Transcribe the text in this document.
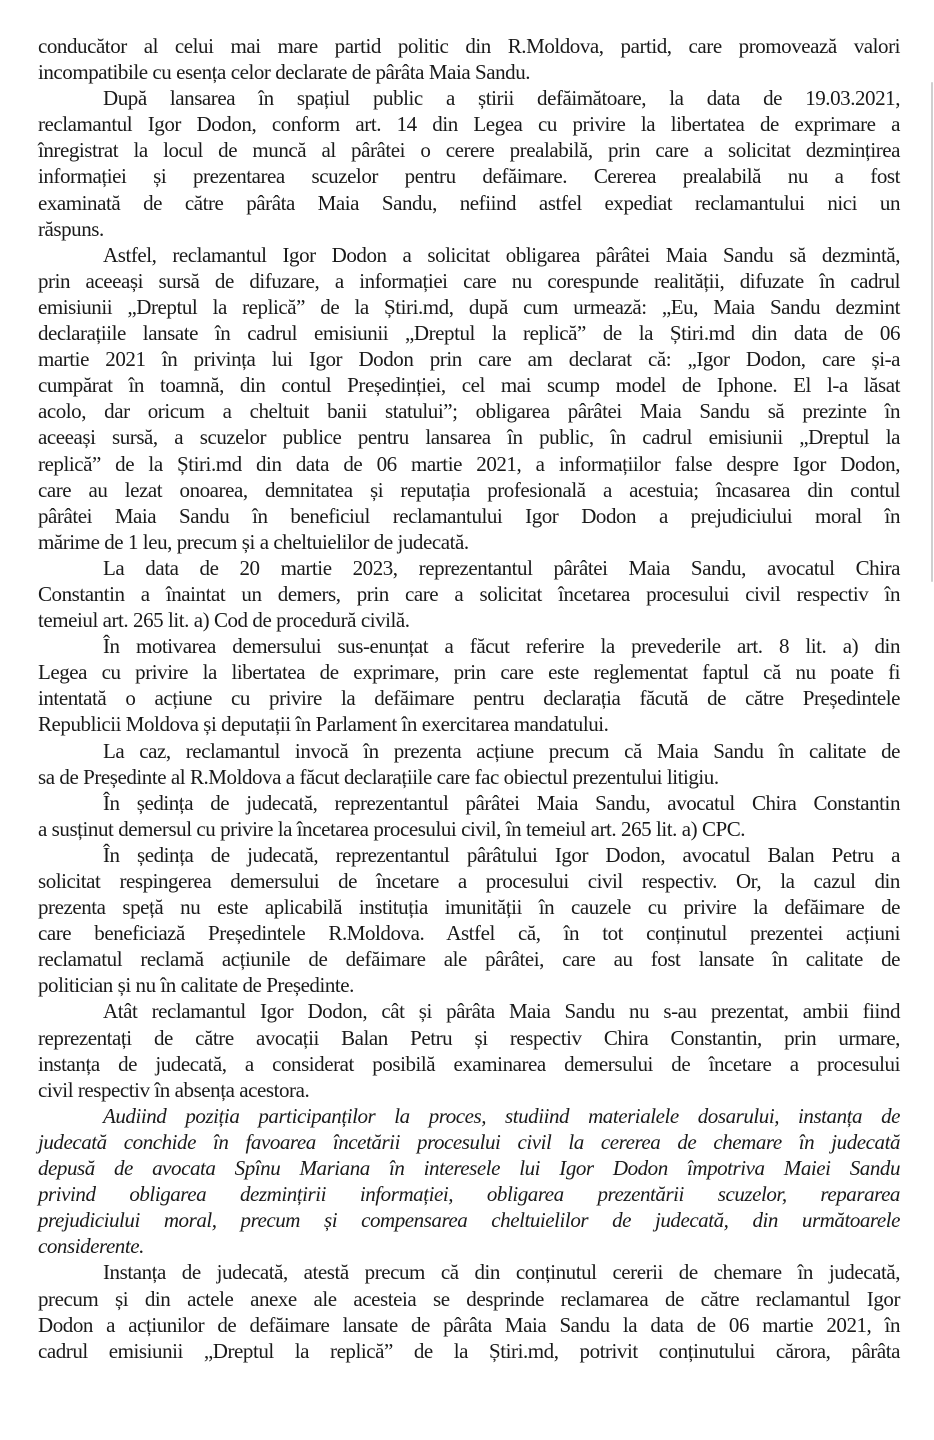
conducător al celui mai mare partid politic din R.Moldova, partid, care promovează valori
incompatibile cu esența celor declarate de pârâta Maia Sandu.
După lansarea în spațiul public a știrii defăimătoare, la data de 19.03.2021,
reclamantul Igor Dodon, conform art. 14 din Legea cu privire la libertatea de exprimare a
înregistrat la locul de muncă al pârâtei o cerere prealabilă, prin care a solicitat dezmințirea
informației și prezentarea scuzelor pentru defăimare. Cererea prealabilă nu a fost
examinată de către pârâta Maia Sandu, nefiind astfel expediat reclamantului nici un
răspuns.
Astfel, reclamantul Igor Dodon a solicitat obligarea pârâtei Maia Sandu să dezmintă,
prin aceeași sursă de difuzare, a informației care nu corespunde realității, difuzate în cadrul
emisiunii „Dreptul la replică” de la Știri.md, după cum urmează: „Eu, Maia Sandu dezmint
declarațiile lansate în cadrul emisiunii „Dreptul la replică” de la Știri.md din data de 06
martie 2021 în privința lui Igor Dodon prin care am declarat că: „Igor Dodon, care și-a
cumpărat în toamnă, din contul Președinției, cel mai scump model de Iphone. El l-a lăsat
acolo, dar oricum a cheltuit banii statului”; obligarea pârâtei Maia Sandu să prezinte în
aceeași sursă, a scuzelor publice pentru lansarea în public, în cadrul emisiunii „Dreptul la
replică” de la Știri.md din data de 06 martie 2021, a informațiilor false despre Igor Dodon,
care au lezat onoarea, demnitatea și reputația profesională a acestuia; încasarea din contul
pârâtei Maia Sandu în beneficiul reclamantului Igor Dodon a prejudiciului moral în
mărime de 1 leu, precum și a cheltuielilor de judecată.
La data de 20 martie 2023, reprezentantul pârâtei Maia Sandu, avocatul Chira
Constantin a înaintat un demers, prin care a solicitat încetarea procesului civil respectiv în
temeiul art. 265 lit. a) Cod de procedură civilă.
În motivarea demersului sus-enunțat a făcut referire la prevederile art. 8 lit. a) din
Legea cu privire la libertatea de exprimare, prin care este reglementat faptul că nu poate fi
intentată o acțiune cu privire la defăimare pentru declarația făcută de către Președintele
Republicii Moldova și deputații în Parlament în exercitarea mandatului.
La caz, reclamantul invocă în prezenta acțiune precum că Maia Sandu în calitate de
sa de Președinte al R.Moldova a făcut declarațiile care fac obiectul prezentului litigiu.
În ședința de judecată, reprezentantul pârâtei Maia Sandu, avocatul Chira Constantin
a susținut demersul cu privire la încetarea procesului civil, în temeiul art. 265 lit. a) CPC.
În ședința de judecată, reprezentantul pârâtului Igor Dodon, avocatul Balan Petru a
solicitat respingerea demersului de încetare a procesului civil respectiv. Or, la cazul din
prezenta speță nu este aplicabilă instituția imunității în cauzele cu privire la defăimare de
care beneficiază Președintele R.Moldova. Astfel că, în tot conținutul prezentei acțiuni
reclamatul reclamă acțiunile de defăimare ale pârâtei, care au fost lansate în calitate de
politician și nu în calitate de Președinte.
Atât reclamantul Igor Dodon, cât și pârâta Maia Sandu nu s-au prezentat, ambii fiind
reprezentați de către avocații Balan Petru și respectiv Chira Constantin, prin urmare,
instanța de judecată, a considerat posibilă examinarea demersului de încetare a procesului
civil respectiv în absența acestora.
Audiind poziția participanților la proces, studiind materialele dosarului, instanța de
judecată conchide în favoarea încetării procesului civil la cererea de chemare în judecată
depusă de avocata Spînu Mariana în interesele lui Igor Dodon împotriva Maiei Sandu
privind obligarea dezmințirii informației, obligarea prezentării scuzelor, repararea
prejudiciului moral, precum și compensarea cheltuielilor de judecată, din următoarele
considerente.
Instanța de judecată, atestă precum că din conținutul cererii de chemare în judecată,
precum și din actele anexe ale acesteia se desprinde reclamarea de către reclamantul Igor
Dodon a acțiunilor de defăimare lansate de pârâta Maia Sandu la data de 06 martie 2021, în
cadrul emisiunii „Dreptul la replică” de la Știri.md, potrivit conținutului cărora, pârâta
